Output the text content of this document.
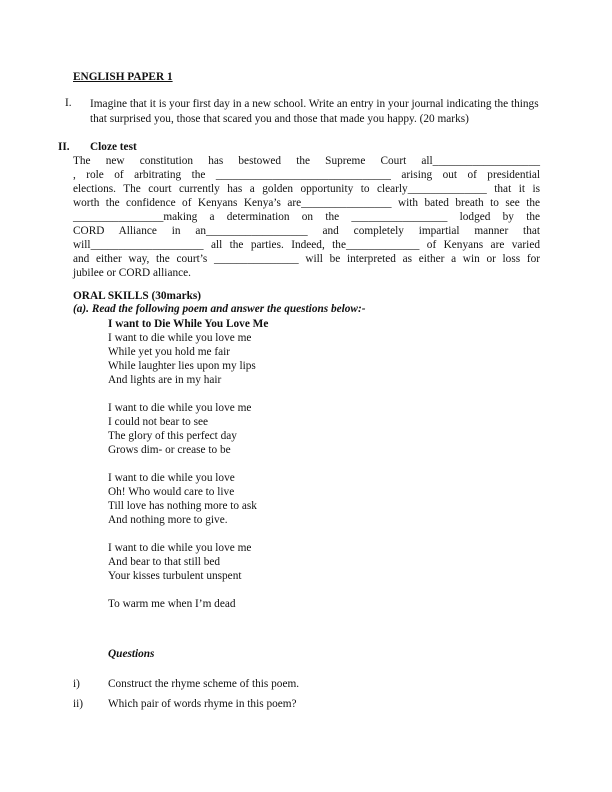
ENGLISH PAPER 1
I. Imagine that it is your first day in a new school. Write an entry in your journal indicating the things that surprised you, those that scared you and those that made you happy. (20 marks)
II. Cloze test
The new constitution has bestowed the Supreme Court all___________________
, role of arbitrating the _______________________________ arising out of presidential
elections. The court currently has a golden opportunity to clearly______________ that it is
worth the confidence of Kenyans Kenya’s are________________ with bated breath to see the
________________making a determination on the _________________ lodged by the
CORD Alliance in an__________________ and completely impartial manner that
will____________________ all the parties. Indeed, the_____________ of Kenyans are varied
and either way, the court’s _______________ will be interpreted as either a win or loss for
jubilee or CORD alliance.
ORAL SKILLS (30marks)
(a). Read the following poem and answer the questions below:-
I want to Die While You Love Me
I want to die while you love me
While yet you hold me fair
While laughter lies upon my lips
And lights are in my hair
I want to die while you love me
I could not bear to see
The glory of this perfect day
Grows dim- or crease to be
I want to die while you love
Oh! Who would care to live
Till love has nothing more to ask
And nothing more to give.
I want to die while you love me
And bear to that still bed
Your kisses turbulent unspent
To warm me when I’m dead
Questions
i) Construct the rhyme scheme of this poem.
ii) Which pair of words rhyme in this poem?
